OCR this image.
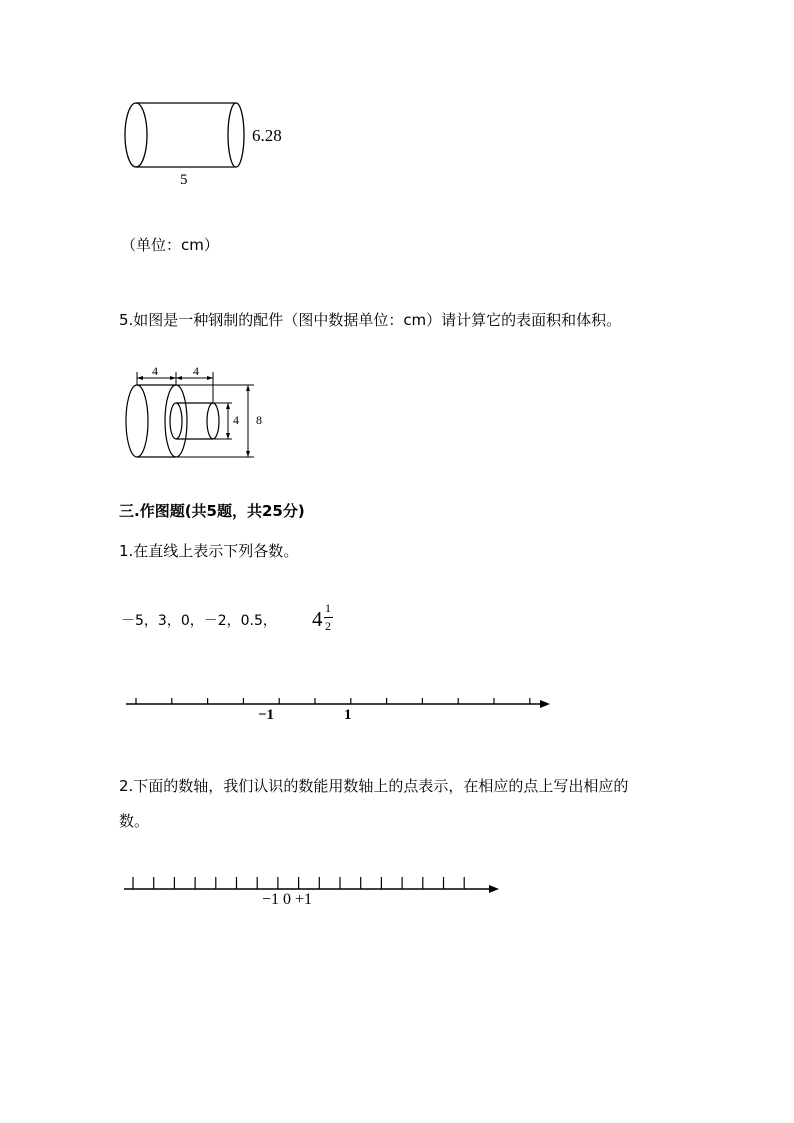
6.28
5
（单位：cm）
5.如图是一种钢制的配件（图中数据单位：cm）请计算它的表面积和体积。
4	4
4 8
三.作图题(共5题，共25分)
1.在直线上表示下列各数。
－5，3，0，－2，0.5， 4 1
2
−1	1
2.下面的数轴，我们认识的数能用数轴上的点表示，在相应的点上写出相应的
数。
−1 0 +1
